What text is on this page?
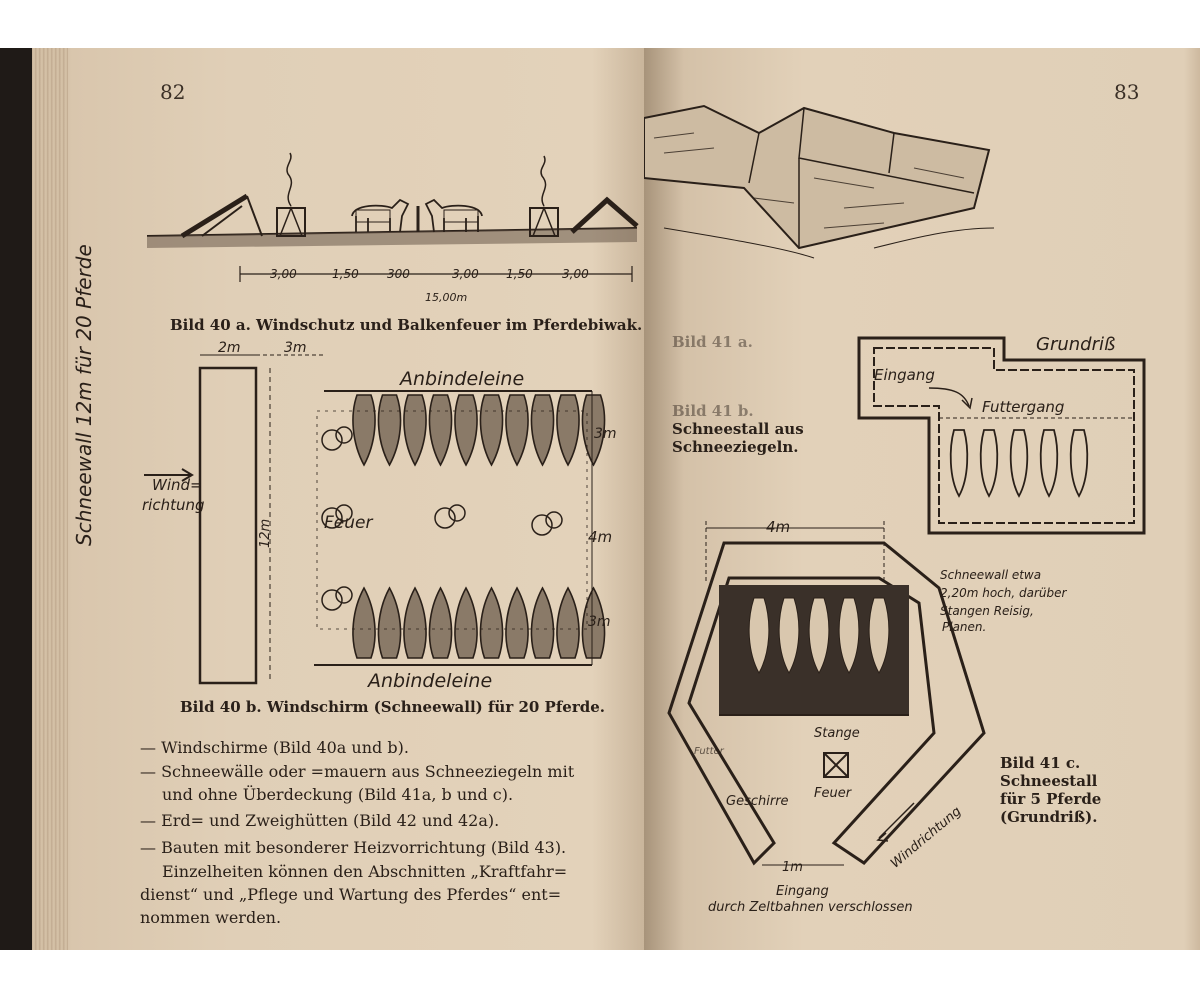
82
3,00	1,50 300	3,00 1,50 3,00
15,00m
Bild 40 a. Windschutz und Balkenfeuer im Pferdebiwak.
2m	3m
Anbindeleine
Schneewall 12m für 20 Pferde	Wind=
richtung
12m	Feuer
3m
4m
3m
Anbindeleine
Bild 40 b. Windschirm (Schneewall) für 20 Pferde.
— Windschirme (Bild 40a und b).
— Schneewälle oder =mauern aus Schneeziegeln mit
und ohne Überdeckung (Bild 41a, b und c).
— Erd= und Zweighütten (Bild 42 und 42a).
— Bauten mit besonderer Heizvorrichtung (Bild 43).
Einzelheiten können den Abschnitten „Kraftfahr=
dienst“ und „Pflege und Wartung des Pferdes“ ent=
nommen werden.
83
Bild 41 a.
Bild 41 b.
Schneestall aus
Schneeziegeln.
Grundriß
Eingang
Futtergang
4m
Schneewall etwa
2,20m hoch, darüber
Stangen Reisig,
Planen.
Futter
Stange
Feuer
Geschirre
Windrichtung
1m
Eingang
durch Zeltbahnen verschlossen
Bild 41 c.
Schneestall
für 5 Pferde
(Grundriß).
